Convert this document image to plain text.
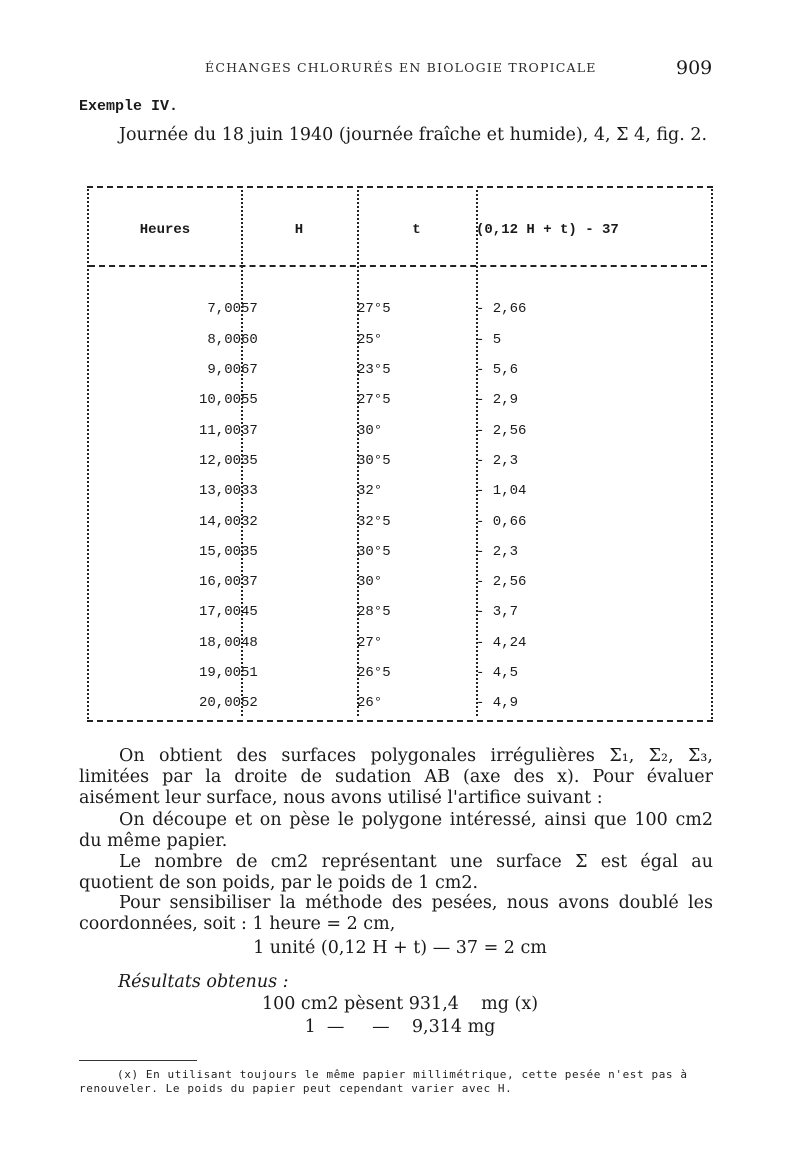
ÉCHANGES CHLORURÉS EN BIOLOGIE TROPICALE	909
Exemple IV.
Journée du 18 juin 1940 (journée fraîche et humide), 4, Σ 4, fig. 2.
Heures	H	t	(0,12 H + t) - 37

7,00	57	27°5	- 2,66
8,00	60	25°	- 5
9,00	67	23°5	- 5,6
10,00	55	27°5	- 2,9
11,00	37	30°	- 2,56
12,00	35	30°5	- 2,3
13,00	33	32°	- 1,04
14,00	32	32°5	- 0,66
15,00	35	30°5	- 2,3
16,00	37	30°	- 2,56
17,00	45	28°5	- 3,7
18,00	48	27°	- 4,24
19,00	51	26°5	- 4,5
20,00	52	26°	- 4,9
On obtient des surfaces polygonales irrégulières Σ₁, Σ₂, Σ₃, limitées par la droite de sudation AB (axe des x). Pour évaluer aisément leur surface, nous avons utilisé l'artifice suivant :
On découpe et on pèse le polygone intéressé, ainsi que 100 cm2 du même papier.
Le nombre de cm2 représentant une surface Σ est égal au quotient de son poids, par le poids de 1 cm2.
Pour sensibiliser la méthode des pesées, nous avons doublé les coordonnées, soit : 1 heure = 2 cm,
1 unité (0,12 H + t) — 37 = 2 cm
Résultats obtenus :
100 cm2 pèsent 931,4    mg (x)
1  —     —    9,314 mg
(x) En utilisant toujours le même papier millimétrique, cette pesée n'est pas à renouveler. Le poids du papier peut cependant varier avec H.
